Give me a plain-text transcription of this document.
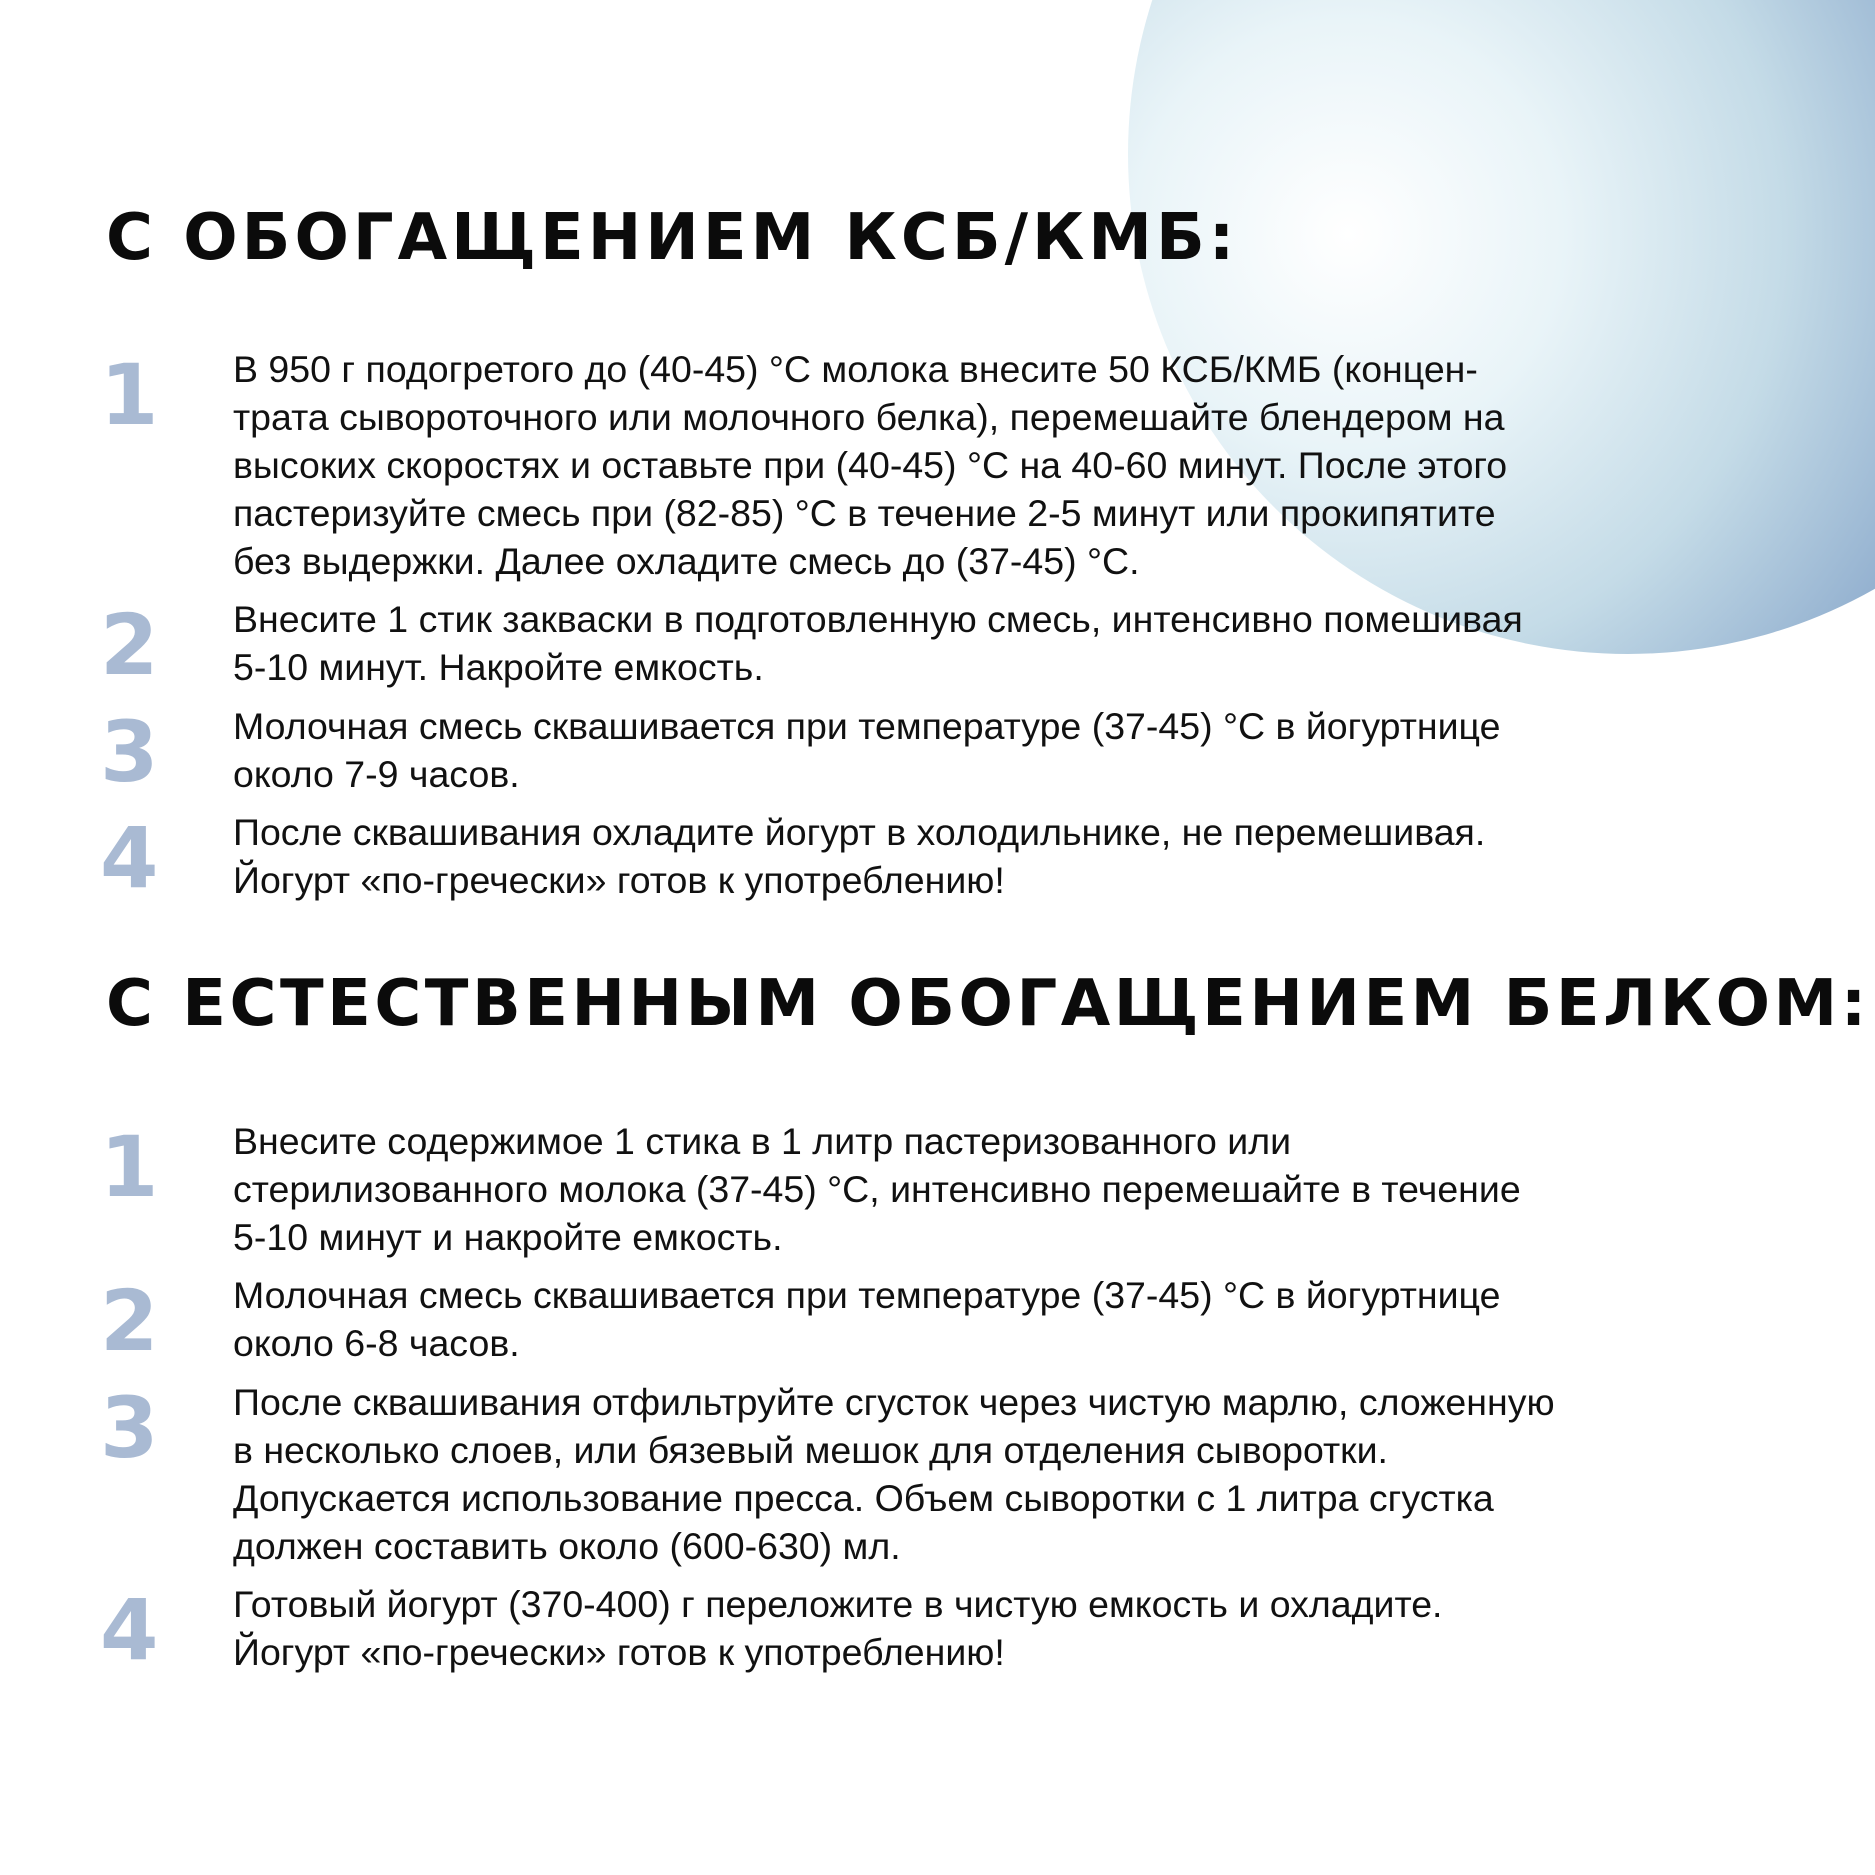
С ОБОГАЩЕНИЕМ КСБ/КМБ:
1	В 950 г подогретого до (40-45) °С молока внесите 50 КСБ/КМБ (концен-
трата сывороточного или молочного белка), перемешайте блендером на
высоких скоростях и оставьте при (40-45) °С на 40-60 минут. После этого
пастеризуйте смесь при (82-85) °С в течение 2-5 минут или прокипятите
без выдержки. Далее охладите смесь до (37-45) °С.

2	Внесите 1 стик закваски в подготовленную смесь, интенсивно помешивая
5-10 минут. Накройте емкость.

3	Молочная смесь сквашивается при температуре (37-45) °С в йогуртнице
около 7-9 часов.

4	После сквашивания охладите йогурт в холодильнике, не перемешивая.
Йогурт «по-гречески» готов к употреблению!

С ЕСТЕСТВЕННЫМ ОБОГАЩЕНИЕМ БЕЛКОМ:
1	Внесите содержимое 1 стика в 1 литр пастеризованного или
стерилизованного молока (37-45) °С, интенсивно перемешайте в течение
5-10 минут и накройте емкость.

2	Молочная смесь сквашивается при температуре (37-45) °С в йогуртнице
около 6-8 часов.

3	После сквашивания отфильтруйте сгусток через чистую марлю, сложенную
в несколько слоев, или бязевый мешок для отделения сыворотки.
Допускается использование пресса. Объем сыворотки с 1 литра сгустка
должен составить около (600-630) мл.

4	Готовый йогурт (370-400) г переложите в чистую емкость и охладите.
Йогурт «по-гречески» готов к употреблению!
